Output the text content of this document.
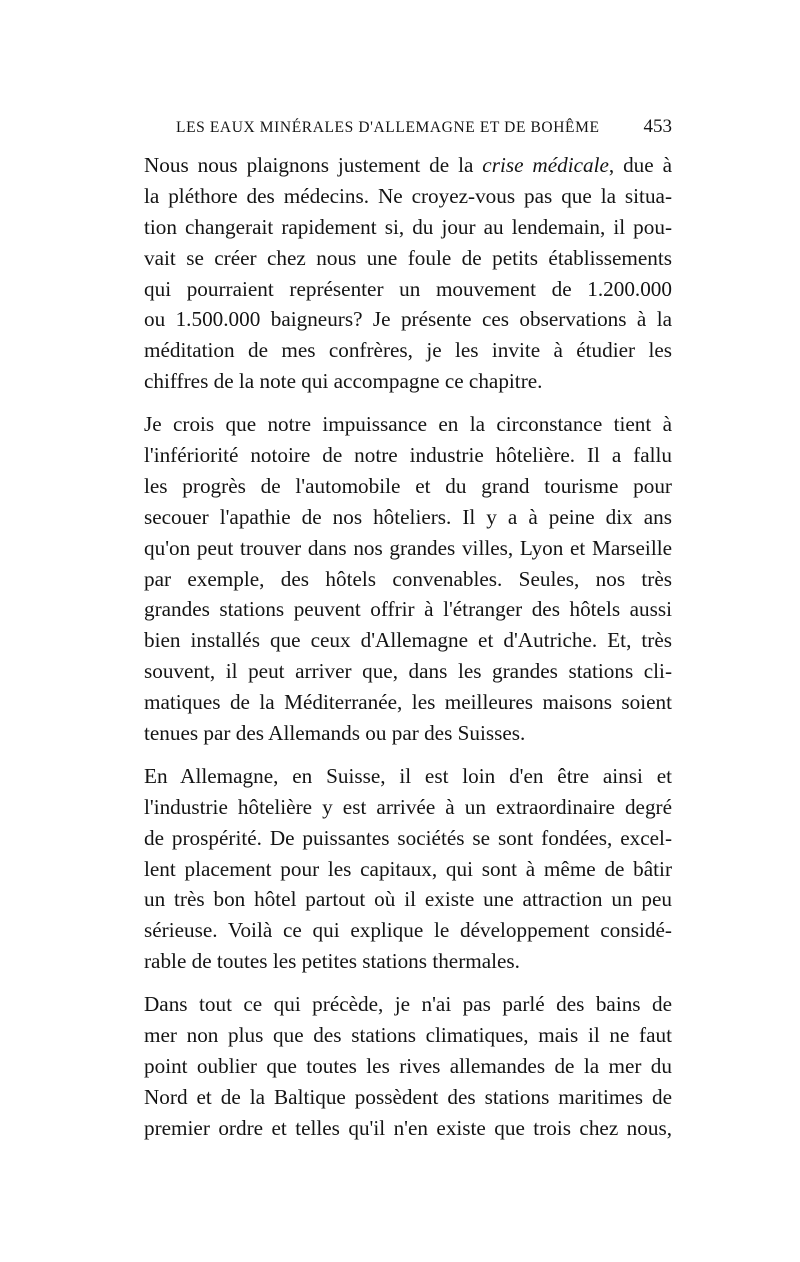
LES EAUX MINÉRALES D'ALLEMAGNE ET DE BOHÊME 453
Nous nous plaignons justement de la crise médicale, due à
la pléthore des médecins. Ne croyez-vous pas que la situa-
tion changerait rapidement si, du jour au lendemain, il pou-
vait se créer chez nous une foule de petits établissements
qui pourraient représenter un mouvement de 1.200.000
ou 1.500.000 baigneurs? Je présente ces observations à la
méditation de mes confrères, je les invite à étudier les
chiffres de la note qui accompagne ce chapitre.
Je crois que notre impuissance en la circonstance tient à
l'infériorité notoire de notre industrie hôtelière. Il a fallu
les progrès de l'automobile et du grand tourisme pour
secouer l'apathie de nos hôteliers. Il y a à peine dix ans
qu'on peut trouver dans nos grandes villes, Lyon et Marseille
par exemple, des hôtels convenables. Seules, nos très
grandes stations peuvent offrir à l'étranger des hôtels aussi
bien installés que ceux d'Allemagne et d'Autriche. Et, très
souvent, il peut arriver que, dans les grandes stations cli-
matiques de la Méditerranée, les meilleures maisons soient
tenues par des Allemands ou par des Suisses.
En Allemagne, en Suisse, il est loin d'en être ainsi et
l'industrie hôtelière y est arrivée à un extraordinaire degré
de prospérité. De puissantes sociétés se sont fondées, excel-
lent placement pour les capitaux, qui sont à même de bâtir
un très bon hôtel partout où il existe une attraction un peu
sérieuse. Voilà ce qui explique le développement considé-
rable de toutes les petites stations thermales.
Dans tout ce qui précède, je n'ai pas parlé des bains de
mer non plus que des stations climatiques, mais il ne faut
point oublier que toutes les rives allemandes de la mer du
Nord et de la Baltique possèdent des stations maritimes de
premier ordre et telles qu'il n'en existe que trois chez nous,
